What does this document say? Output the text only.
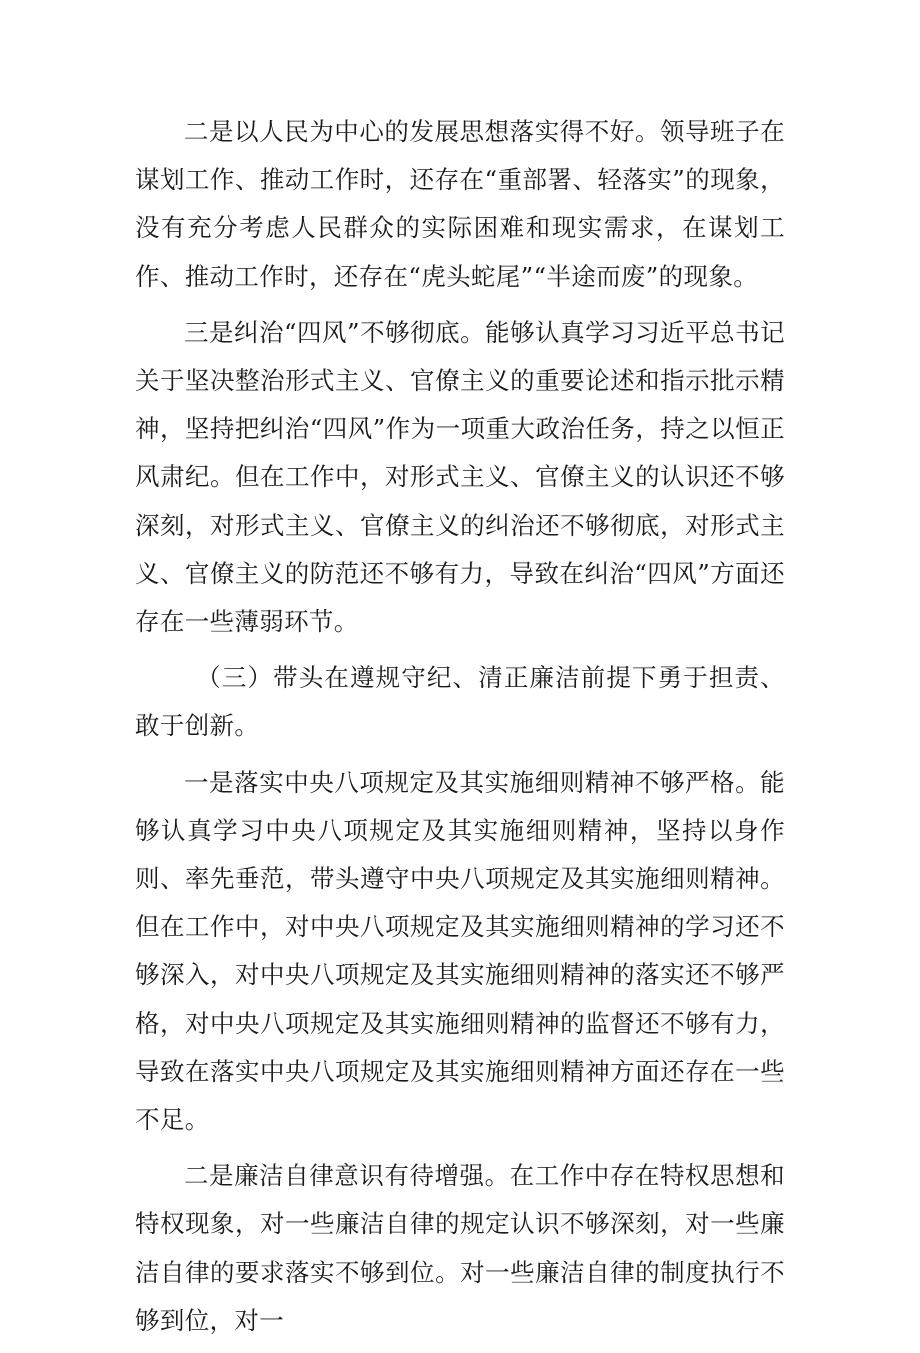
二是以人民为中心的发展思想落实得不好。领导班子在谋划工作、推动工作时，还存在“重部署、轻落实”的现象，没有充分考虑人民群众的实际困难和现实需求，在谋划工作、推动工作时，还存在“虎头蛇尾”“半途而废”的现象。

三是纠治“四风”不够彻底。能够认真学习习近平总书记关于坚决整治形式主义、官僚主义的重要论述和指示批示精神，坚持把纠治“四风”作为一项重大政治任务，持之以恒正风肃纪。但在工作中，对形式主义、官僚主义的认识还不够深刻，对形式主义、官僚主义的纠治还不够彻底，对形式主义、官僚主义的防范还不够有力，导致在纠治“四风”方面还存在一些薄弱环节。

（三）带头在遵规守纪、清正廉洁前提下勇于担责、敢于创新。

一是落实中央八项规定及其实施细则精神不够严格。能够认真学习中央八项规定及其实施细则精神，坚持以身作则、率先垂范，带头遵守中央八项规定及其实施细则精神。但在工作中，对中央八项规定及其实施细则精神的学习还不够深入，对中央八项规定及其实施细则精神的落实还不够严格，对中央八项规定及其实施细则精神的监督还不够有力，导致在落实中央八项规定及其实施细则精神方面还存在一些不足。

二是廉洁自律意识有待增强。在工作中存在特权思想和特权现象，对一些廉洁自律的规定认识不够深刻，对一些廉洁自律的要求落实不够到位。对一些廉洁自律的制度执行不够到位，对一
